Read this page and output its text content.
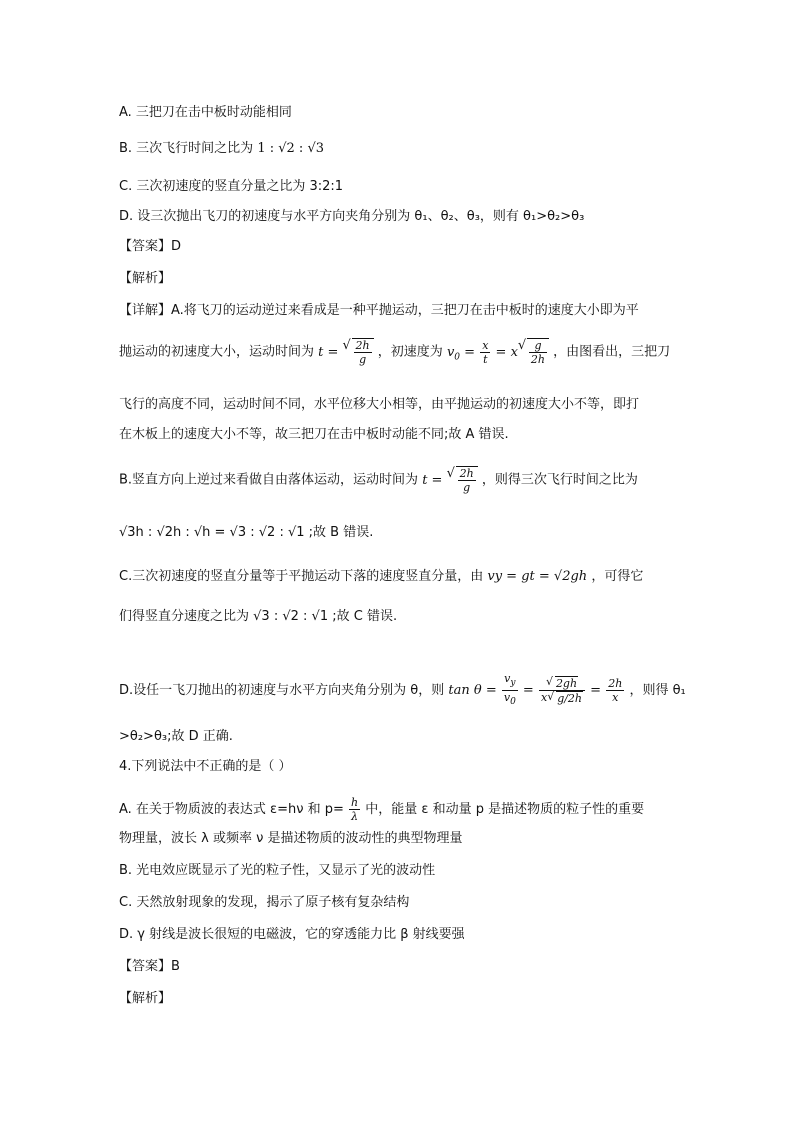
A. 三把刀在击中板时动能相同
B. 三次飞行时间之比为 1 : √2 : √3
C. 三次初速度的竖直分量之比为 3:2:1
D. 设三次抛出飞刀的初速度与水平方向夹角分别为 θ₁、θ₂、θ₃，则有 θ₁>θ₂>θ₃
【答案】D
【解析】
【详解】A.将飞刀的运动逆过来看成是一种平抛运动，三把刀在击中板时的速度大小即为平
抛运动的初速度大小，运动时间为 t = √ $\frac{2h}{g}$ ，初速度为 $v_0 = \frac{x}{t} = x$ √ $\frac{g}{2h}$ ，由图看出，三把刀
飞行的高度不同，运动时间不同，水平位移大小相等，由平抛运动的初速度大小不等，即打
在木板上的速度大小不等，故三把刀在击中板时动能不同;故 A 错误.
B.竖直方向上逆过来看做自由落体运动，运动时间为 t = √ $\frac{2h}{g}$ ，则得三次飞行时间之比为
√3h : √2h : √h = √3 : √2 : √1 ;故 B 错误.
C.三次初速度的竖直分量等于平抛运动下落的速度竖直分量，由 vy = gt = √2gh ，可得它
们得竖直分速度之比为 √3 : √2 : √1 ;故 C 错误.
D.设任一飞刀抛出的初速度与水平方向夹角分别为 θ，则 $\tan \theta = \frac{v_y}{v_0}$ = √ $\frac{2gh}{x √ g/2h} = \frac{2h}{x}$ ，则得 θ₁
>θ₂>θ₃;故 D 正确.
4.下列说法中不正确的是（ ）
A. 在关于物质波的表达式 ε=hν 和 $p= \frac{h}{\lambda}$ 中，能量 ε 和动量 p 是描述物质的粒子性的重要
物理量，波长 λ 或频率 ν 是描述物质的波动性的典型物理量
B. 光电效应既显示了光的粒子性，又显示了光的波动性
C. 天然放射现象的发现，揭示了原子核有复杂结构
D. γ 射线是波长很短的电磁波，它的穿透能力比 β 射线要强
【答案】B
【解析】
